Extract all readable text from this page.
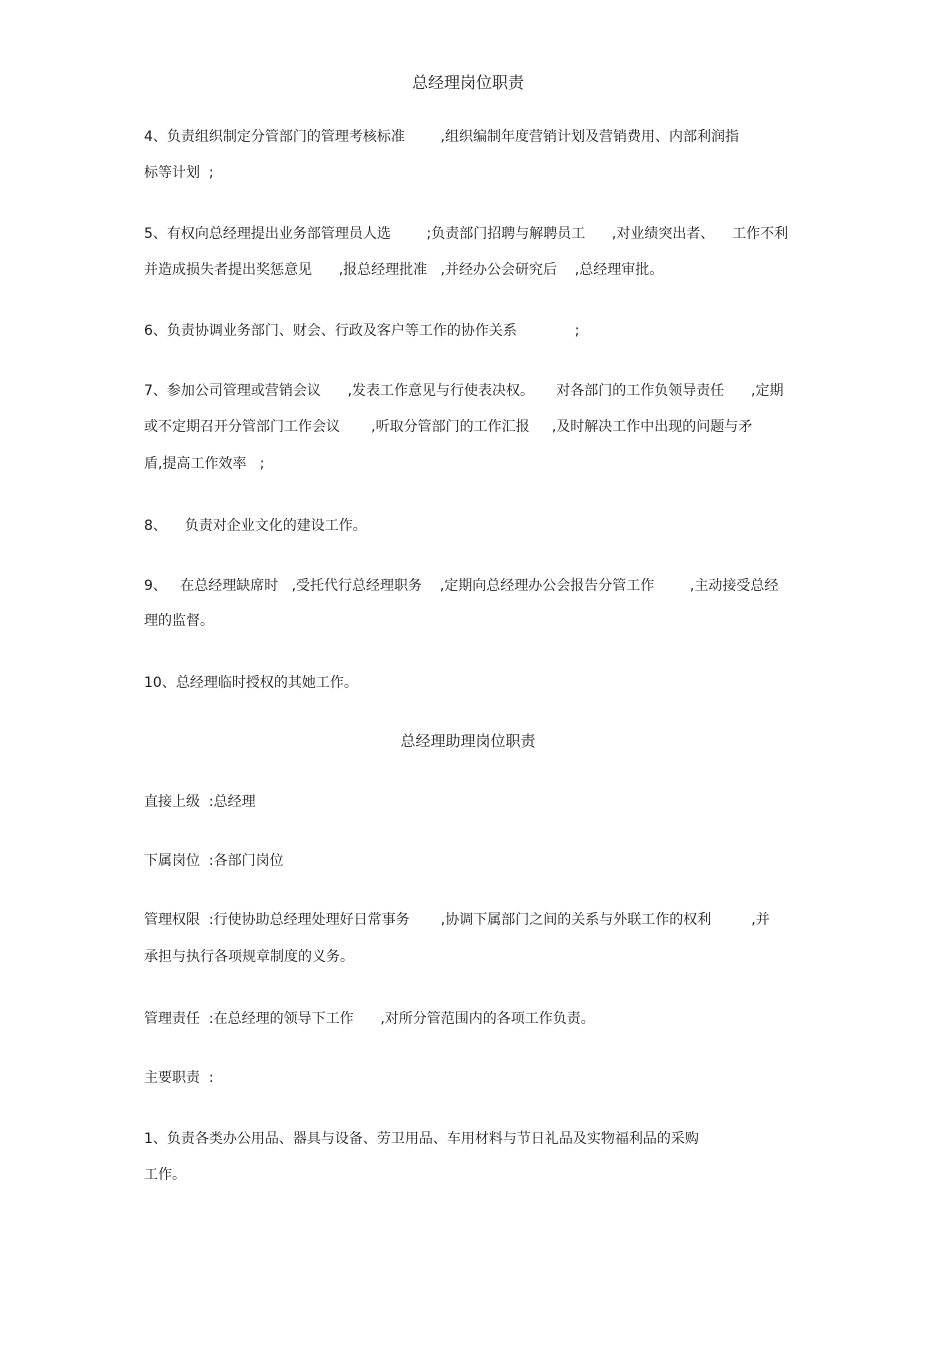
总经理岗位职责
4、负责组织制定分管部门的管理考核标准        ,组织编制年度营销计划及营销费用、内部利润指
标等计划  ;
5、有权向总经理提出业务部管理员人选        ;负责部门招聘与解聘员工      ,对业绩突出者、    工作不利
并造成损失者提出奖惩意见      ,报总经理批准   ,并经办公会研究后    ,总经理审批。
6、负责协调业务部门、财会、行政及客户等工作的协作关系             ;
7、参加公司管理或营销会议      ,发表工作意见与行使表决权。     对各部门的工作负领导责任      ,定期
或不定期召开分管部门工作会议       ,听取分管部门的工作汇报     ,及时解决工作中出现的问题与矛
盾,提高工作效率   ;
8、    负责对企业文化的建设工作。
9、   在总经理缺席时   ,受托代行总经理职务    ,定期向总经理办公会报告分管工作        ,主动接受总经
理的监督。
10、总经理临时授权的其她工作。
总经理助理岗位职责
直接上级  :总经理
下属岗位  :各部门岗位
管理权限  :行使协助总经理处理好日常事务       ,协调下属部门之间的关系与外联工作的权利         ,并
承担与执行各项规章制度的义务。
管理责任  :在总经理的领导下工作      ,对所分管范围内的各项工作负责。
主要职责  :
1、负责各类办公用品、器具与设备、劳卫用品、车用材料与节日礼品及实物福利品的采购
工作。
